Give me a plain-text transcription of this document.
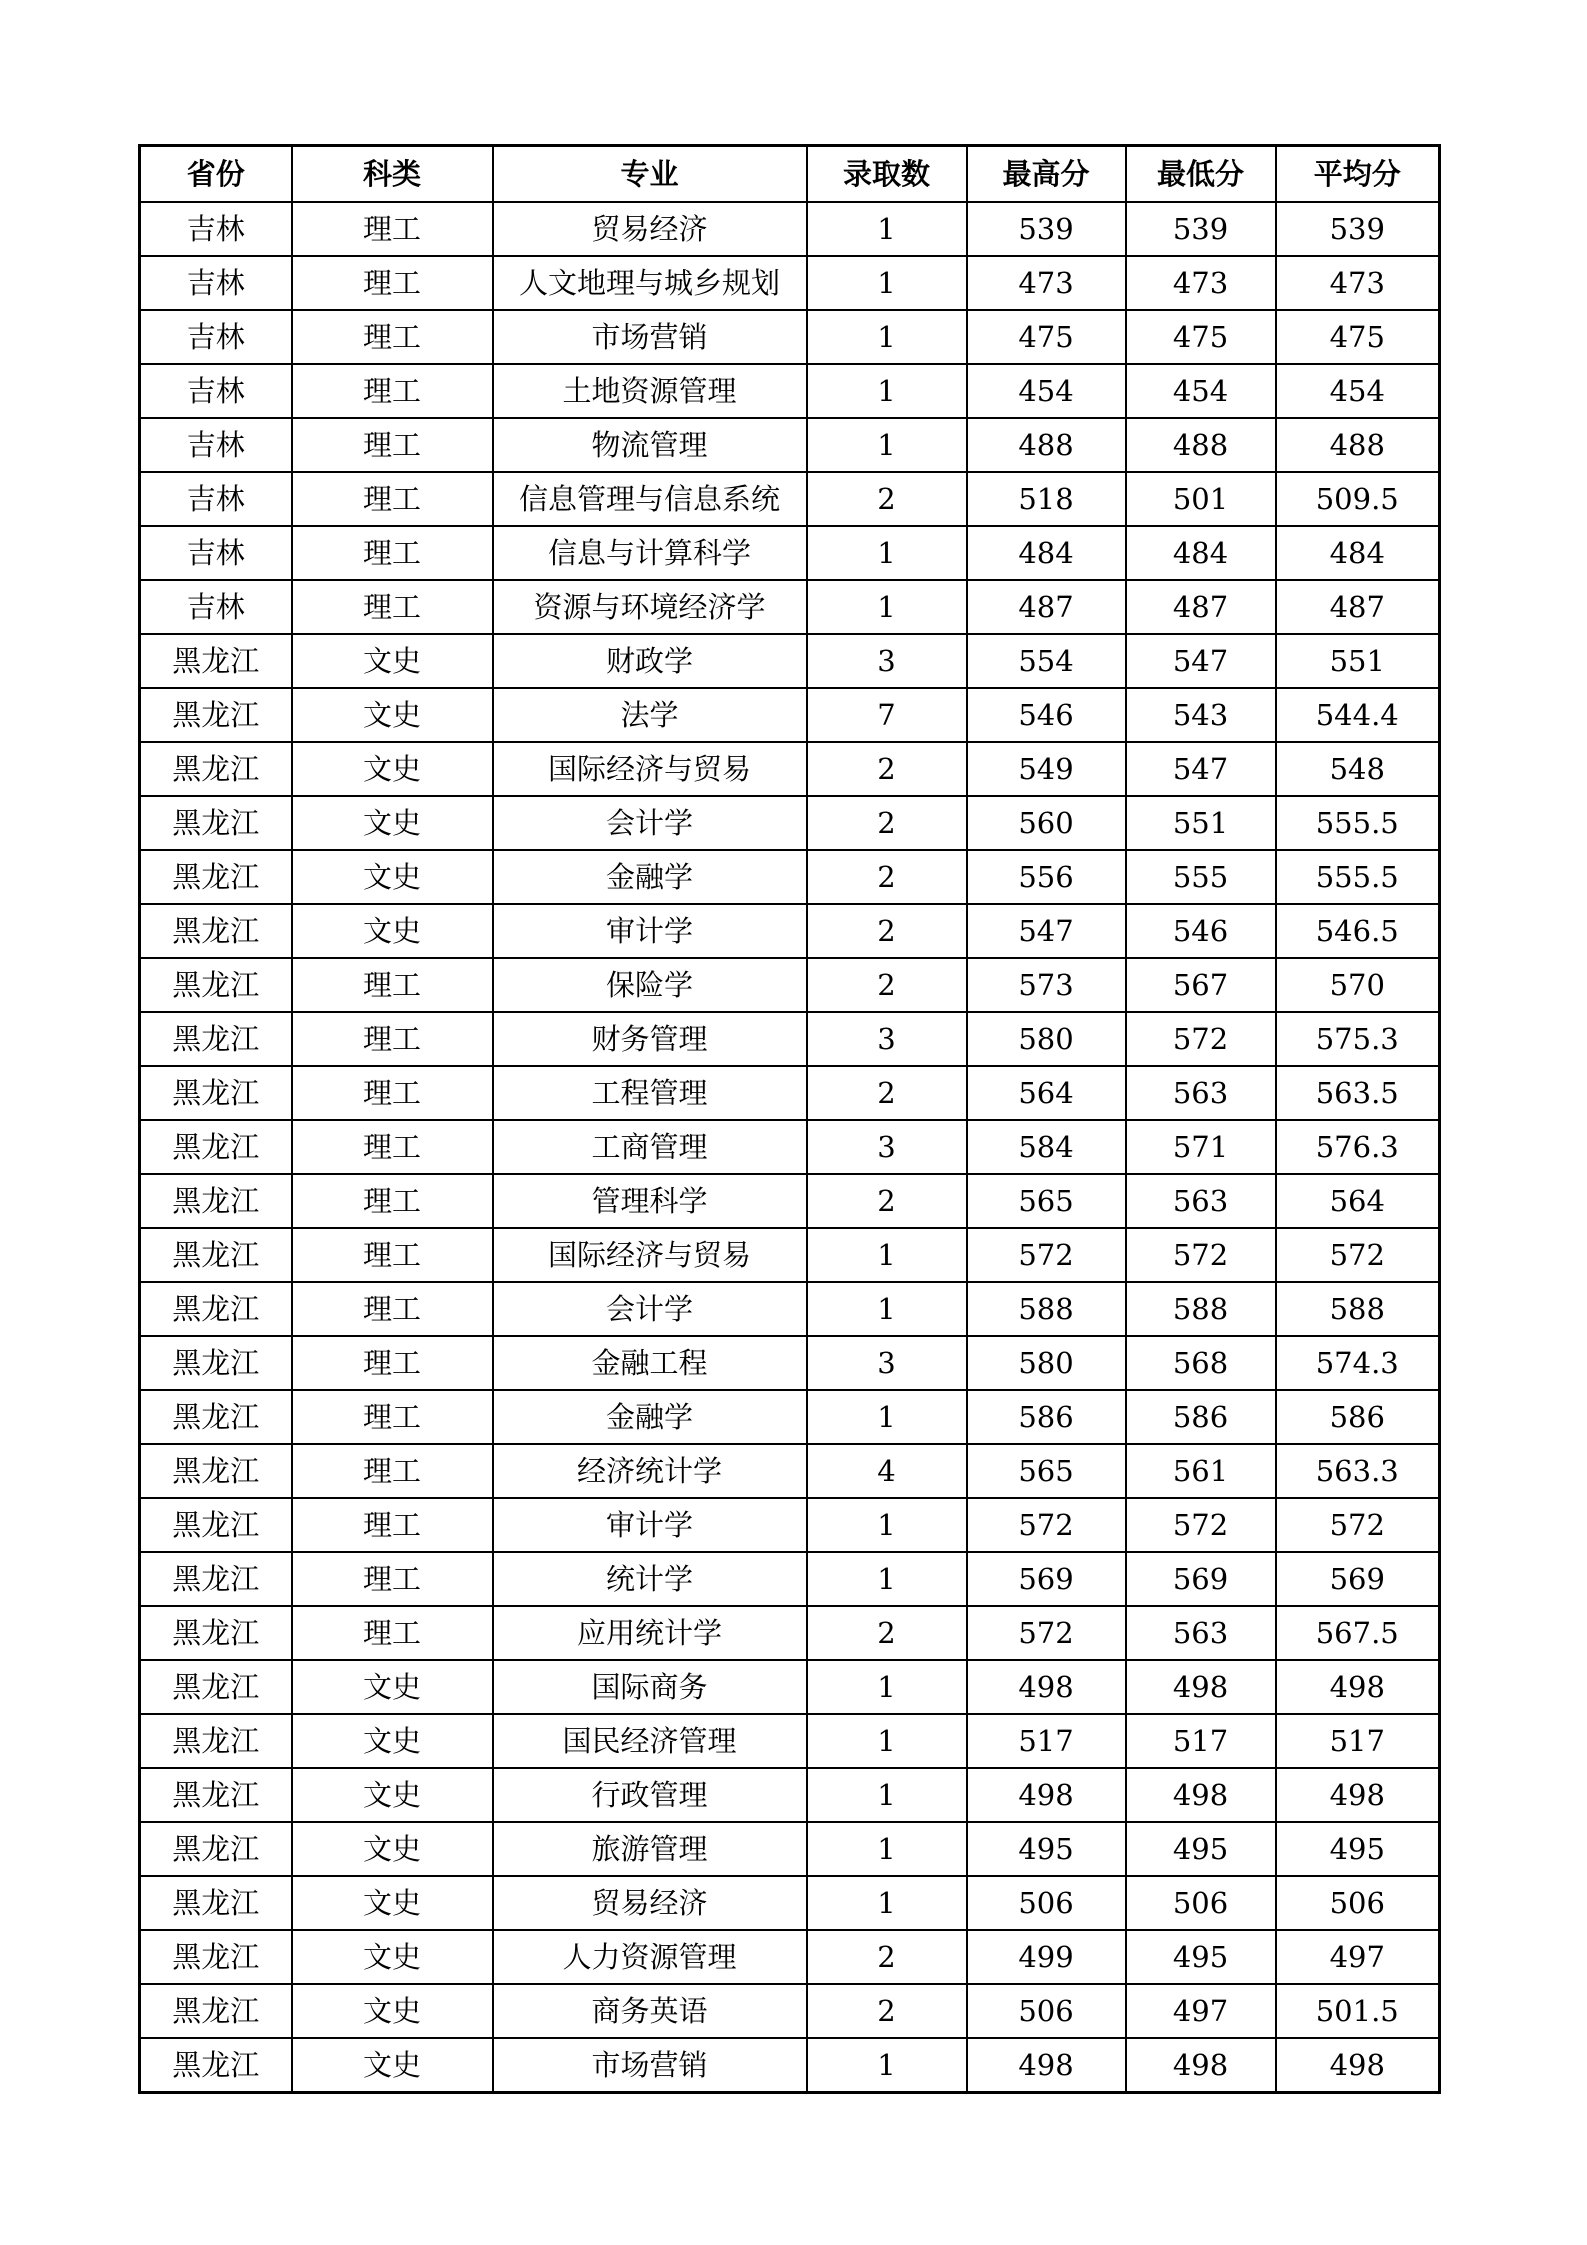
省份	科类	专业	录取数	最高分	最低分	平均分
吉林	理工	贸易经济	1	539	539	539
吉林	理工	人文地理与城乡规划	1	473	473	473
吉林	理工	市场营销	1	475	475	475
吉林	理工	土地资源管理	1	454	454	454
吉林	理工	物流管理	1	488	488	488
吉林	理工	信息管理与信息系统	2	518	501	509.5
吉林	理工	信息与计算科学	1	484	484	484
吉林	理工	资源与环境经济学	1	487	487	487
黑龙江	文史	财政学	3	554	547	551
黑龙江	文史	法学	7	546	543	544.4
黑龙江	文史	国际经济与贸易	2	549	547	548
黑龙江	文史	会计学	2	560	551	555.5
黑龙江	文史	金融学	2	556	555	555.5
黑龙江	文史	审计学	2	547	546	546.5
黑龙江	理工	保险学	2	573	567	570
黑龙江	理工	财务管理	3	580	572	575.3
黑龙江	理工	工程管理	2	564	563	563.5
黑龙江	理工	工商管理	3	584	571	576.3
黑龙江	理工	管理科学	2	565	563	564
黑龙江	理工	国际经济与贸易	1	572	572	572
黑龙江	理工	会计学	1	588	588	588
黑龙江	理工	金融工程	3	580	568	574.3
黑龙江	理工	金融学	1	586	586	586
黑龙江	理工	经济统计学	4	565	561	563.3
黑龙江	理工	审计学	1	572	572	572
黑龙江	理工	统计学	1	569	569	569
黑龙江	理工	应用统计学	2	572	563	567.5
黑龙江	文史	国际商务	1	498	498	498
黑龙江	文史	国民经济管理	1	517	517	517
黑龙江	文史	行政管理	1	498	498	498
黑龙江	文史	旅游管理	1	495	495	495
黑龙江	文史	贸易经济	1	506	506	506
黑龙江	文史	人力资源管理	2	499	495	497
黑龙江	文史	商务英语	2	506	497	501.5
黑龙江	文史	市场营销	1	498	498	498
